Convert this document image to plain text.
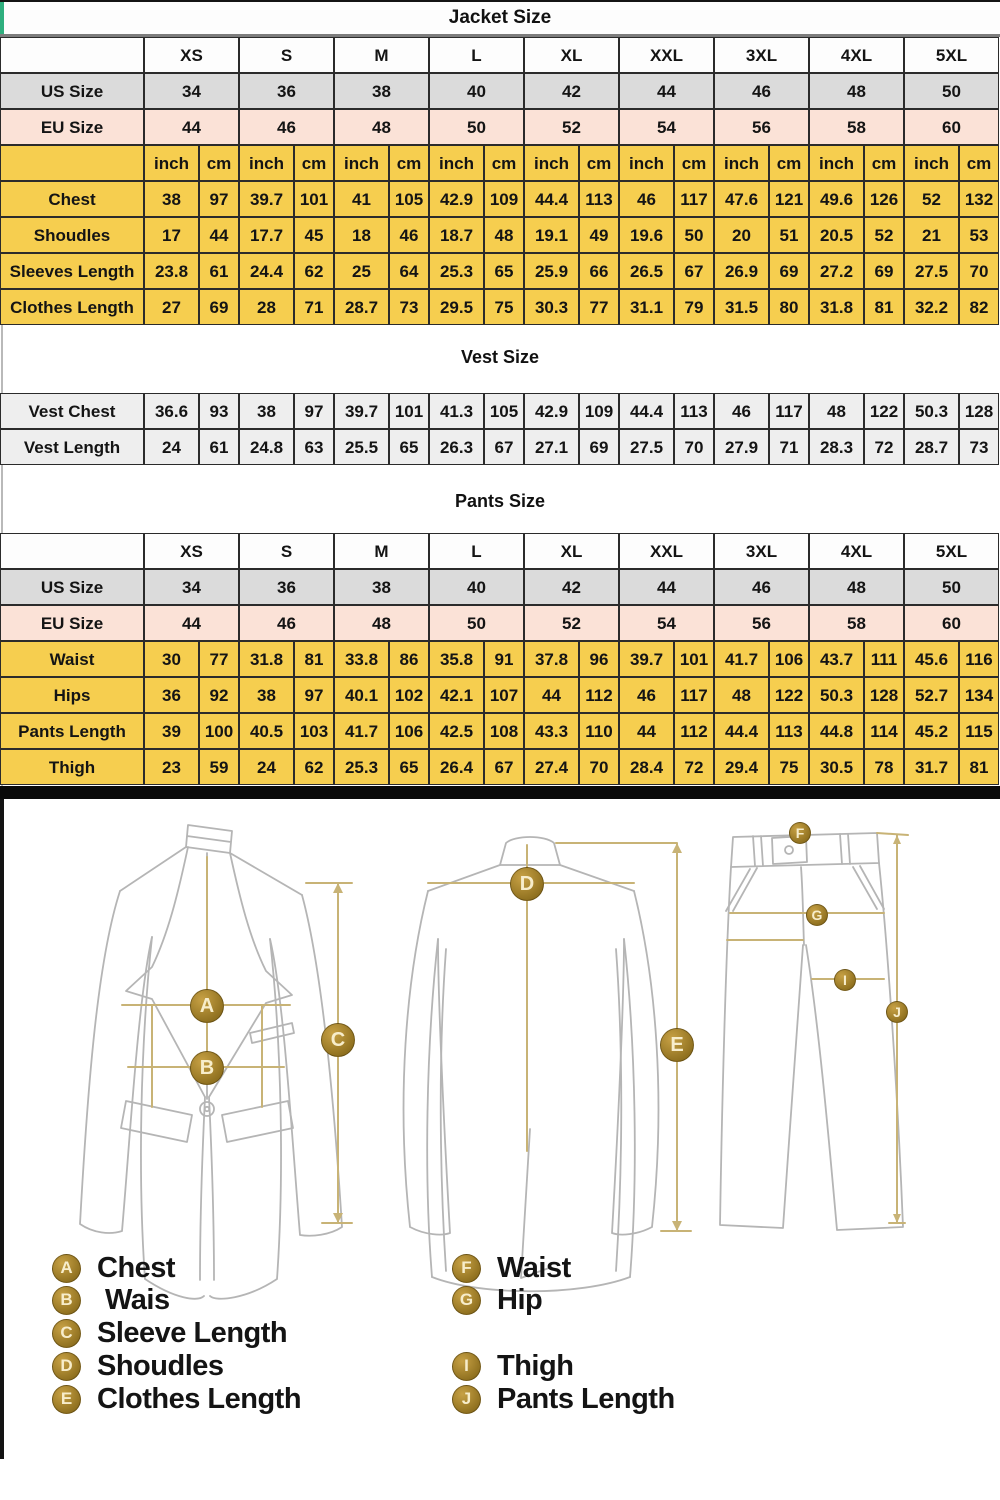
Jacket Size
XS	S	M	L	XL	XXL	3XL	4XL	5XL
US Size	34	36	38	40	42	44	46	48	50
EU Size	44	46	48	50	52	54	56	58	60
inch	cm	inch	cm	inch	cm	inch	cm	inch	cm	inch	cm	inch	cm	inch	cm	inch	cm
Chest	38	97	39.7 101	41	105 42.9 109 44.4	113	46	117	47.6 121 49.6 126	52	132
Shoudles	17	44	17.7	45	18	46	18.7	48	19.1	49	19.6	50	20	51	20.5	52	21	53
Sleeves Length	23.8	61	24.4	62	25	64	25.3	65	25.9	66	26.5	67	26.9	69	27.2	69	27.5	70
Clothes Length	27	69	28	71	28.7	73	29.5	75	30.3	77	31.1	79	31.5	80	31.8	81	32.2	82
Vest Size
Vest Chest	36.6	93	38	97	39.7 101 41.3 105 42.9 109 44.4	113	46	117	48	122 50.3 128
Vest Length	24	61	24.8	63	25.5	65	26.3	67	27.1	69	27.5	70	27.9	71	28.3	72	28.7	73
Pants Size
XS	S	M	L	XL	XXL	3XL	4XL	5XL
US Size	34	36	38	40	42	44	46	48	50
EU Size	44	46	48	50	52	54	56	58	60
Waist	30	77	31.8	81	33.8	86	35.8	91	37.8	96	39.7 101 41.7 106 43.7	111	45.6	116
Hips	36	92	38	97	40.1 102 42.1 107	44	112	46	117	48	122 50.3 128 52.7 134
Pants Length	39	100 40.5 103 41.7 106 42.5 108 43.3	110	44	112	44.4	113	44.8	114	45.2	115
Thigh	23	59	24	62	25.3	65	26.4	67	27.4	70	28.4	72	29.4	75	30.5	78	31.7	81
A
B
C
D
E
F
G
I
J
A Chest
B Wais
C Sleeve Length
D Shoudles
E Clothes Length
F Waist
G Hip
I Thigh
J Pants Length
